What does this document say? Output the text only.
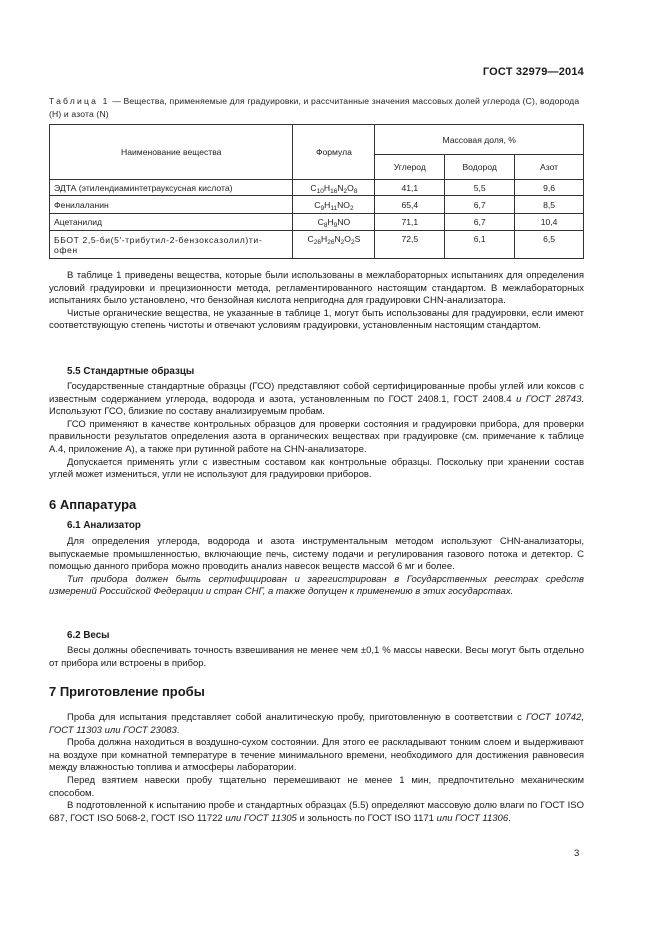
ГОСТ 32979—2014
Таблица 1 — Вещества, применяемые для градуировки, и рассчитанные значения массовых долей углерода (С), водорода (Н) и азота (N)
Наименование вещества	Формула	Массовая доля, %		
		Углерод	Водород	Азот
ЭДТА (этилендиаминтетрауксусная кислота)	$C_{10}H_{16}N_2O_8$	41,1	5,5	9,6
Фенилаланин	$C_9H_{11}NO_2$	65,4	6,7	8,5
Ацетанилид	$C_8H_9NO$	71,1	6,7	10,4
ББОТ 2,5-би(5′-трибутил-2-бензоксазолил)ти-
офен	$C_{26}H_{26}N_2O_2S$	72,5	6,1	6,5

В таблице 1 приведены вещества, которые были использованы в межлабораторных испытаниях для определения условий градуировки и прецизионности метода, регламентированного настоящим стандартом. В межлабораторных испытаниях было установлено, что бензойная кислота непригодна для градуировки CHN-анализатора.

Чистые органические вещества, не указанные в таблице 1, могут быть использованы для градуировки, если имеют соответствующую степень чистоты и отвечают условиям градуировки, установленным настоящим стандартом.

5.5 Стандартные образцы

Государственные стандартные образцы (ГСО) представляют собой сертифицированные пробы углей или коксов с известным содержанием углерода, водорода и азота, установленным по ГОСТ 2408.1, ГОСТ 2408.4 и ГОСТ 28743. Используют ГСО, близкие по составу анализируемым пробам.

ГСО применяют в качестве контрольных образцов для проверки состояния и градуировки прибора, для проверки правильности результатов определения азота в органических веществах при градуировке (см. примечание к таблице А.4, приложение А), а также при рутинной работе на CHN-анализаторе.

Допускается применять угли с известным составом как контрольные образцы. Поскольку при хранении состав углей может измениться, угли не используют для градуировки приборов.

6 Аппаратура
6.1 Анализатор

Для определения углерода, водорода и азота инструментальным методом используют CHN-анализаторы, выпускаемые промышленностью, включающие печь, систему подачи и регулирования газового потока и детектор. С помощью данного прибора можно проводить анализ навесок веществ массой 6 мг и более.

Тип прибора должен быть сертифицирован и зарегистрирован в Государственных реестрах средств измерений Российской Федерации и стран СНГ, а также допущен к применению в этих государствах.

6.2 Весы

Весы должны обеспечивать точность взвешивания не менее чем ±0,1 % массы навески. Весы могут быть отдельно от прибора или встроены в прибор.

7 Приготовление пробы

Проба для испытания представляет собой аналитическую пробу, приготовленную в соответствии с ГОСТ 10742, ГОСТ 11303 или ГОСТ 23083.

Проба должна находиться в воздушно-сухом состоянии. Для этого ее раскладывают тонким слоем и выдерживают на воздухе при комнатной температуре в течение минимального времени, необходимого для достижения равновесия между влажностью топлива и атмосферы лаборатории.

Перед взятием навески пробу тщательно перемешивают не менее 1 мин, предпочтительно механическим способом.

В подготовленной к испытанию пробе и стандартных образцах (5.5) определяют массовую долю влаги по ГОСТ ISO 687, ГОСТ ISO 5068-2, ГОСТ ISO 11722 или ГОСТ 11305 и зольность по ГОСТ ISO 1171 или ГОСТ 11306.

3
